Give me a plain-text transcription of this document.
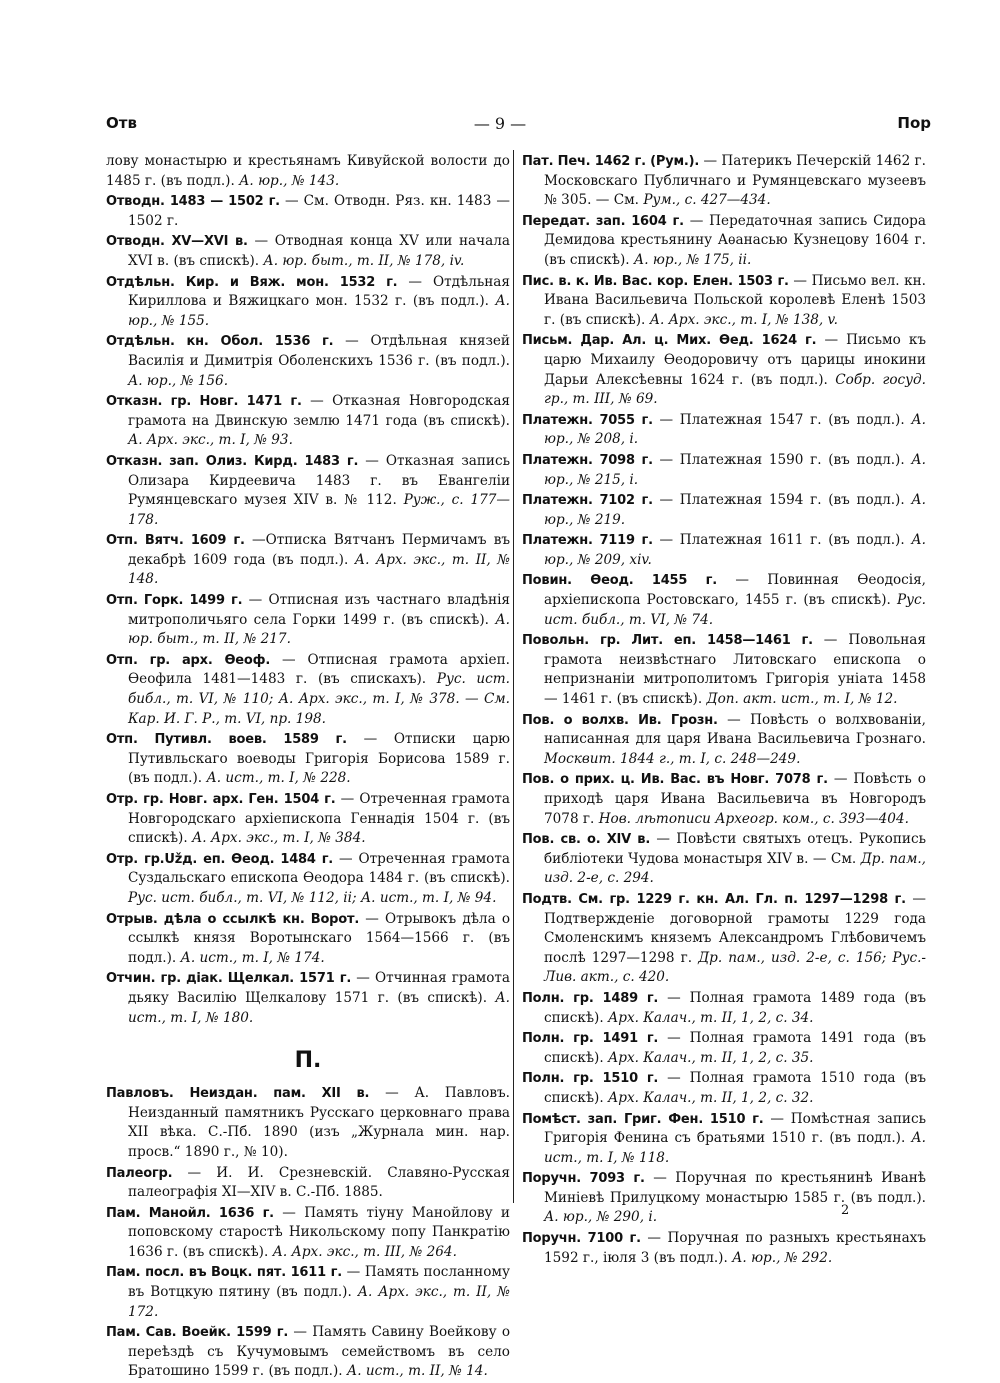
Отв	— 9 —	Пор

лову монастырю и крестьянамъ Кивуйской волости до 1485 г. (въ подл.). А. юр., № 143.

Отводн. 1483 — 1502 г. — См. Отводн. Ряз. кн. 1483 — 1502 г.

Отводн. XV—XVI в. — Отводная конца XV или начала XVI в. (въ спискѣ). А. юр. быт., т. II, № 178, iv.

Отдѣльн. Кир. и Вяж. мон. 1532 г. — Отдѣльная Кириллова и Вяжицкаго мон. 1532 г. (въ подл.). А. юр., № 155.

Отдѣльн. кн. Обол. 1536 г. — Отдѣльная князей Василія и Димитрія Оболенскихъ 1536 г. (въ подл.). А. юр., № 156.

Отказн. гр. Новг. 1471 г. — Отказная Новгородская грамота на Двинскую землю 1471 года (въ спискѣ). А. Арх. экс., т. I, № 93.

Отказн. зап. Олиз. Кирд. 1483 г. — Отказная запись Олизара Кирдеевича 1483 г. въ Евангеліи Румянцевскаго музея XIV в. № 112. Руж., с. 177—178.

Отп. Вятч. 1609 г. —Отписка Вятчанъ Пермичамъ въ декабрѣ 1609 года (въ подл.). А. Арх. экс., т. II, № 148.

Отп. Горк. 1499 г. — Отписная изъ частнаго владѣнія митрополичьяго села Горки 1499 г. (въ спискѣ). А. юр. быт., т. II, № 217.

Отп. гр. арх. Ѳеоф. — Отписная грамота архіеп. Ѳеофила 1481—1483 г. (въ спискахъ). Рус. ист. библ., т. VI, № 110; А. Арх. экс., т. I, № 378. — См. Кар. И. Г. Р., т. VI, пр. 198.

Отп. Путивл. воев. 1589 г. — Отписки царю Путивльскаго воеводы Григорія Борисова 1589 г. (въ подл.). А. ист., т. I, № 228.

Отр. гр. Новг. арх. Ген. 1504 г. — Отреченная грамота Новгородскаго архіепископа Геннадія 1504 г. (въ спискѣ). А. Арх. экс., т. I, № 384.

Отр. гр.Užд. еп. Ѳеод. 1484 г. — Отреченная грамота Суздальскаго епископа Ѳеодора 1484 г. (въ спискѣ). Рус. ист. библ., т. VI, № 112, ii; А. ист., т. I, № 94.

Отрыв. дѣла о ссылкѣ кн. Ворот. — Отрывокъ дѣла о ссылкѣ князя Воротынскаго 1564—1566 г. (въ подл.). А. ист., т. I, № 174.

Отчин. гр. діак. Щелкал. 1571 г. — Отчинная грамота дьяку Василію Щелкалову 1571 г. (въ спискѣ). А. ист., т. I, № 180.

П.

Павловъ. Неиздан. пам. XII в. — А. Павловъ. Неизданный памятникъ Русскаго церковнаго права XII вѣка. С.-Пб. 1890 (изъ „Журнала мин. нар. просв.“ 1890 г., № 10).

Палеогр. — И. И. Срезневскій. Славяно-Русская палеографія XI—XIV в. С.-Пб. 1885.

Пам. Манойл. 1636 г. — Память тіуну Манойлову и поповскому старостѣ Никольскому попу Панкратію 1636 г. (въ спискѣ). А. Арх. экс., т. III, № 264.

Пам. посл. въ Воцк. пят. 1611 г. — Память посланному въ Вотцкую пятину (въ подл.). А. Арх. экс., т. II, № 172.

Пам. Сав. Воейк. 1599 г. — Память Савину Воейкову о переѣздѣ съ Кучумовымъ семействомъ въ село Братошино 1599 г. (въ подл.). А. ист., т. II, № 14.

Пат. Печ. 1462 г. (Рум.). — Патерикъ Печерскій 1462 г. Московскаго Публичнаго и Румянцевскаго музеевъ № 305. — См. Рум., с. 427—434.

Передат. зап. 1604 г. — Передаточная запись Сидора Демидова крестьянину Аѳанасью Кузнецову 1604 г. (въ спискѣ). А. юр., № 175, ii.

Пис. в. к. Ив. Вас. кор. Елен. 1503 г. — Письмо вел. кн. Ивана Васильевича Польской королевѣ Еленѣ 1503 г. (въ спискѣ). А. Арх. экс., т. I, № 138, v.

Письм. Дар. Ал. ц. Мих. Ѳед. 1624 г. — Письмо къ царю Михаилу Ѳеодоровичу отъ царицы инокини Дарьи Алексѣевны 1624 г. (въ подл.). Собр. госуд. гр., т. III, № 69.

Платежн. 7055 г. — Платежная 1547 г. (въ подл.). А. юр., № 208, i.

Платежн. 7098 г. — Платежная 1590 г. (въ подл.). А. юр., № 215, i.

Платежн. 7102 г. — Платежная 1594 г. (въ подл.). А. юр., № 219.

Платежн. 7119 г. — Платежная 1611 г. (въ подл.). А. юр., № 209, xiv.

Повин. Ѳеод. 1455 г. — Повинная Ѳеодосія, архіепископа Ростовскаго, 1455 г. (въ спискѣ). Рус. ист. библ., т. VI, № 74.

Повольн. гр. Лит. еп. 1458—1461 г. — Повольная грамота неизвѣстнаго Литовскаго епископа о непризнаніи митрополитомъ Григорія уніата 1458 — 1461 г. (въ спискѣ). Доп. акт. ист., т. I, № 12.

Пов. о волхв. Ив. Грозн. — Повѣсть о волхвованіи, написанная для царя Ивана Васильевича Грознаго. Москвит. 1844 г., т. I, с. 248—249.

Пов. о прих. ц. Ив. Вас. въ Новг. 7078 г. — Повѣсть о приходѣ царя Ивана Васильевича въ Новгородъ 7078 г. Нов. лѣтописи Археогр. ком., с. 393—404.

Пов. св. о. XIV в. — Повѣсти святыхъ отецъ. Рукопись библіотеки Чудова монастыря XIV в. — См. Др. пам., изд. 2-е, с. 294.

Подтв. См. гр. 1229 г. кн. Ал. Гл. п. 1297—1298 г. — Подтвержденіе договорной грамоты 1229 года Смоленскимъ княземъ Александромъ Глѣбовичемъ послѣ 1297—1298 г. Др. пам., изд. 2-е, с. 156; Рус.-Лив. акт., с. 420.

Полн. гр. 1489 г. — Полная грамота 1489 года (въ спискѣ). Арх. Калач., т. II, 1, 2, с. 34.

Полн. гр. 1491 г. — Полная грамота 1491 года (въ спискѣ). Арх. Калач., т. II, 1, 2, с. 35.

Полн. гр. 1510 г. — Полная грамота 1510 года (въ спискѣ). Арх. Калач., т. II, 1, 2, с. 32.

Помѣст. зап. Григ. Фен. 1510 г. — Помѣстная запись Григорія Фенина съ братьями 1510 г. (въ подл.). А. ист., т. I, № 118.

Поручн. 7093 г. — Поручная по крестьянинѣ Иванѣ Миніевѣ Прилуцкому монастырю 1585 г. (въ подл.). А. юр., № 290, i.

Поручн. 7100 г. — Поручная по разныхъ крестьянахъ 1592 г., іюля 3 (въ подл.). А. юр., № 292.

2
